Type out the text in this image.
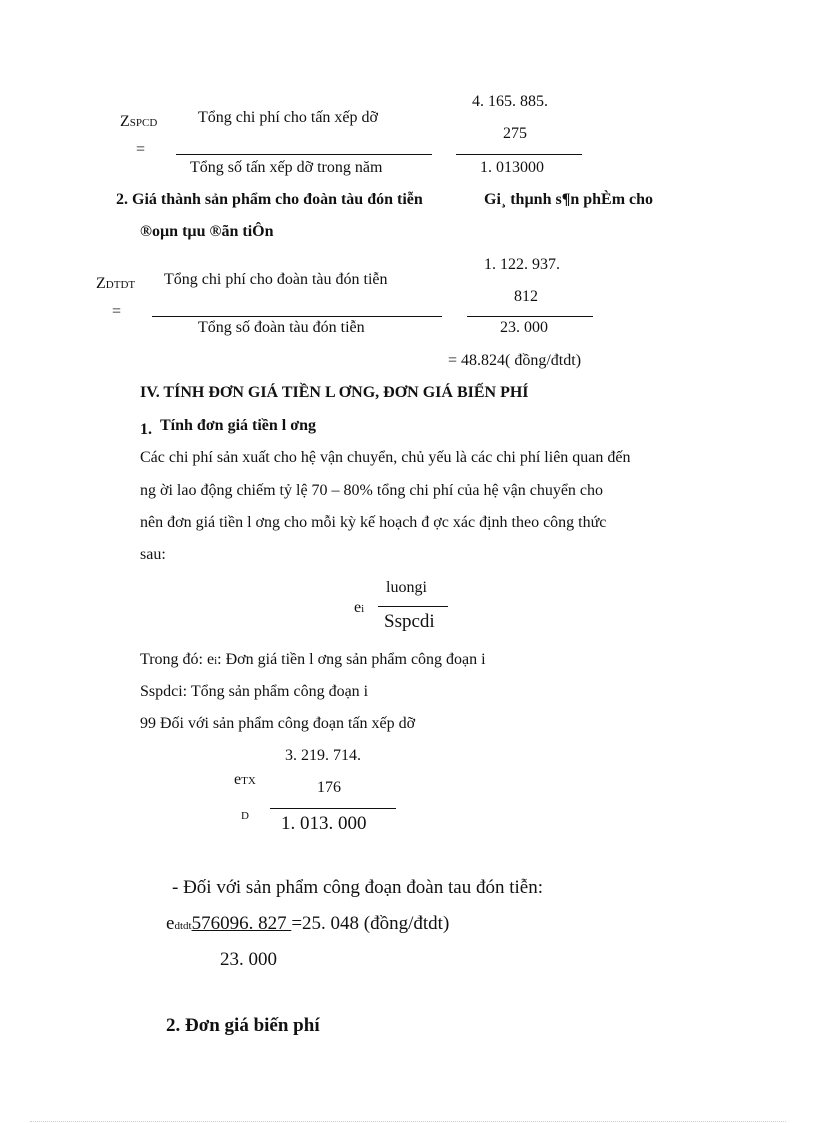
ZSPCD
=
Tổng chi phí cho tấn xếp dỡ
Tổng số tấn xếp dỡ trong năm
4. 165. 885.
275
1. 013000
2. Giá thành sản phẩm cho đoàn tàu đón tiễn	Gi¸ thµnh s¶n phÈm cho
®oµn tµu ®ãn tiÔn
ZDTDT
=
Tổng chi phí cho đoàn tàu đón tiễn
Tổng số đoàn tàu đón tiễn
1. 122. 937.
812
23. 000
= 48.824( đồng/đtdt)
IV. TÍNH ĐƠN GIÁ TIỀN L ƠNG, ĐƠN GIÁ BIẾN PHÍ
1. Tính đơn giá tiền l ơng
Các chi phí sản xuất cho hệ vận chuyển, chủ yếu là các chi phí liên quan đến
ng ời lao động chiếm tỷ lệ 70 – 80% tổng chi phí của hệ vận chuyển cho
nên đơn giá tiền l ơng cho mỗi kỳ kế hoạch đ ợc xác định theo công thức
sau:
ei
luongi
Sspcdi
Trong đó: ei: Đơn giá tiền l ơng sản phẩm công đoạn i
Sspdci: Tổng sản phẩm công đoạn i
99 Đối với sản phẩm công đoạn tấn xếp dỡ
3. 219. 714.
eTX	176
D 1. 013. 000
- Đối với sản phẩm công đoạn đoàn tau đón tiễn:
edtdt576096. 827 =25. 048 (đồng/đtdt)
23. 000
2. Đơn giá biến phí
